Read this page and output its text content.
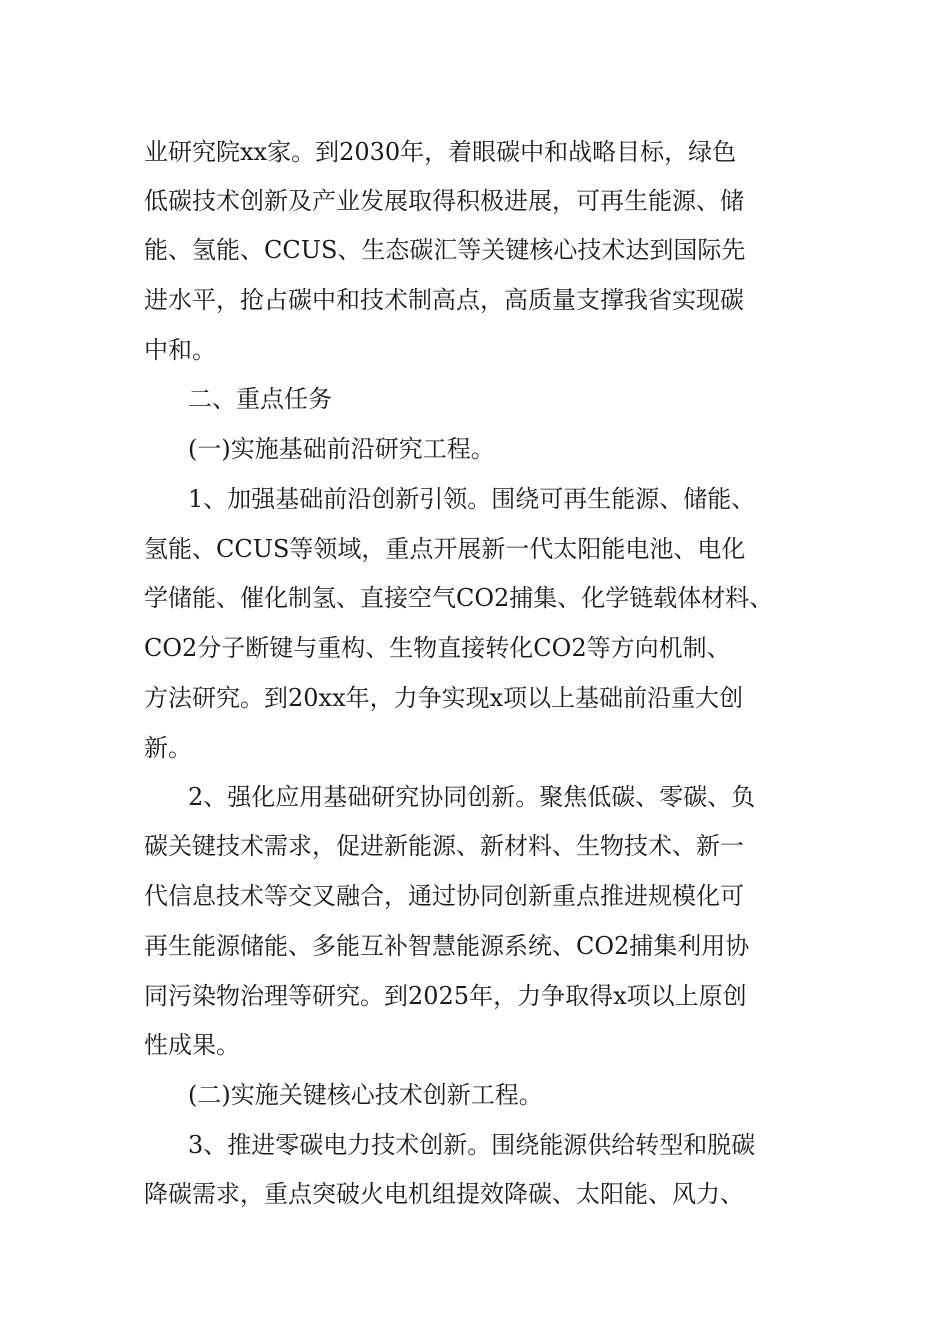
业研究院xx家。到2030年，着眼碳中和战略目标，绿色
低碳技术创新及产业发展取得积极进展，可再生能源、储
能、氢能、CCUS、生态碳汇等关键核心技术达到国际先
进水平，抢占碳中和技术制高点，高质量支撑我省实现碳
中和。
二、重点任务
(一)实施基础前沿研究工程。
1、加强基础前沿创新引领。围绕可再生能源、储能、
氢能、CCUS等领域，重点开展新一代太阳能电池、电化
学储能、催化制氢、直接空气CO2捕集、化学链载体材料、
CO2分子断键与重构、生物直接转化CO2等方向机制、
方法研究。到20xx年，力争实现x项以上基础前沿重大创
新。
2、强化应用基础研究协同创新。聚焦低碳、零碳、负
碳关键技术需求，促进新能源、新材料、生物技术、新一
代信息技术等交叉融合，通过协同创新重点推进规模化可
再生能源储能、多能互补智慧能源系统、CO2捕集利用协
同污染物治理等研究。到2025年，力争取得x项以上原创
性成果。
(二)实施关键核心技术创新工程。
3、推进零碳电力技术创新。围绕能源供给转型和脱碳
降碳需求，重点突破火电机组提效降碳、太阳能、风力、
